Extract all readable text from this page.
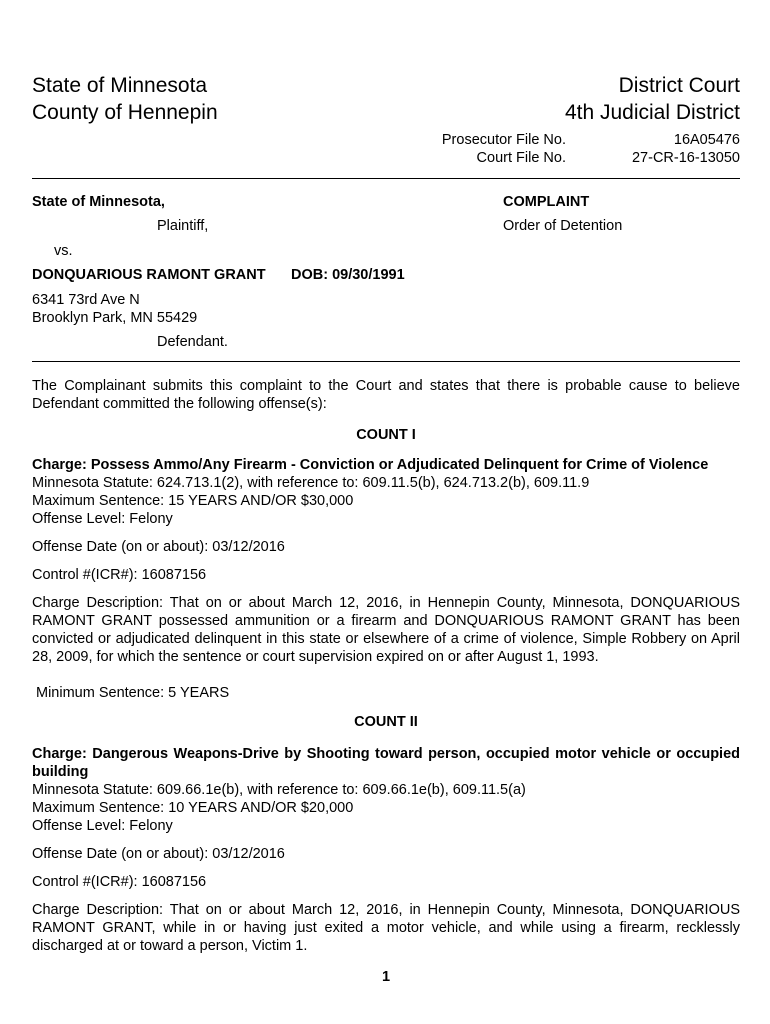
State of Minnesota
County of Hennepin
District Court
4th Judicial District
Prosecutor File No.	16A05476
Court File No.	27-CR-16-13050
State of Minnesota,
Plaintiff,
vs.
DONQUARIOUS RAMONT GRANT DOB: 09/30/1991
6341 73rd Ave N
Brooklyn Park, MN 55429
Defendant.
COMPLAINT
Order of Detention

The Complainant submits this complaint to the Court and states that there is probable cause to believe Defendant committed the following offense(s):

COUNT I
Charge: Possess Ammo/Any Firearm - Conviction or Adjudicated Delinquent for Crime of Violence
Minnesota Statute: 624.713.1(2), with reference to: 609.11.5(b), 624.713.2(b), 609.11.9
Maximum Sentence: 15 YEARS AND/OR $30,000
Offense Level: Felony
Offense Date (on or about): 03/12/2016
Control #(ICR#): 16087156

Charge Description: That on or about March 12, 2016, in Hennepin County, Minnesota, DONQUARIOUS RAMONT GRANT possessed ammunition or a firearm and DONQUARIOUS RAMONT GRANT has been convicted or adjudicated delinquent in this state or elsewhere of a crime of violence, Simple Robbery on April 28, 2009, for which the sentence or court supervision expired on or after August 1, 1993.

Minimum Sentence: 5 YEARS
COUNT II

Charge: Dangerous Weapons-Drive by Shooting toward person, occupied motor vehicle or occupied building

Minnesota Statute: 609.66.1e(b), with reference to: 609.66.1e(b), 609.11.5(a)
Maximum Sentence: 10 YEARS AND/OR $20,000
Offense Level: Felony
Offense Date (on or about): 03/12/2016
Control #(ICR#): 16087156

Charge Description: That on or about March 12, 2016, in Hennepin County, Minnesota, DONQUARIOUS RAMONT GRANT, while in or having just exited a motor vehicle, and while using a firearm, recklessly discharged at or toward a person, Victim 1.

1
